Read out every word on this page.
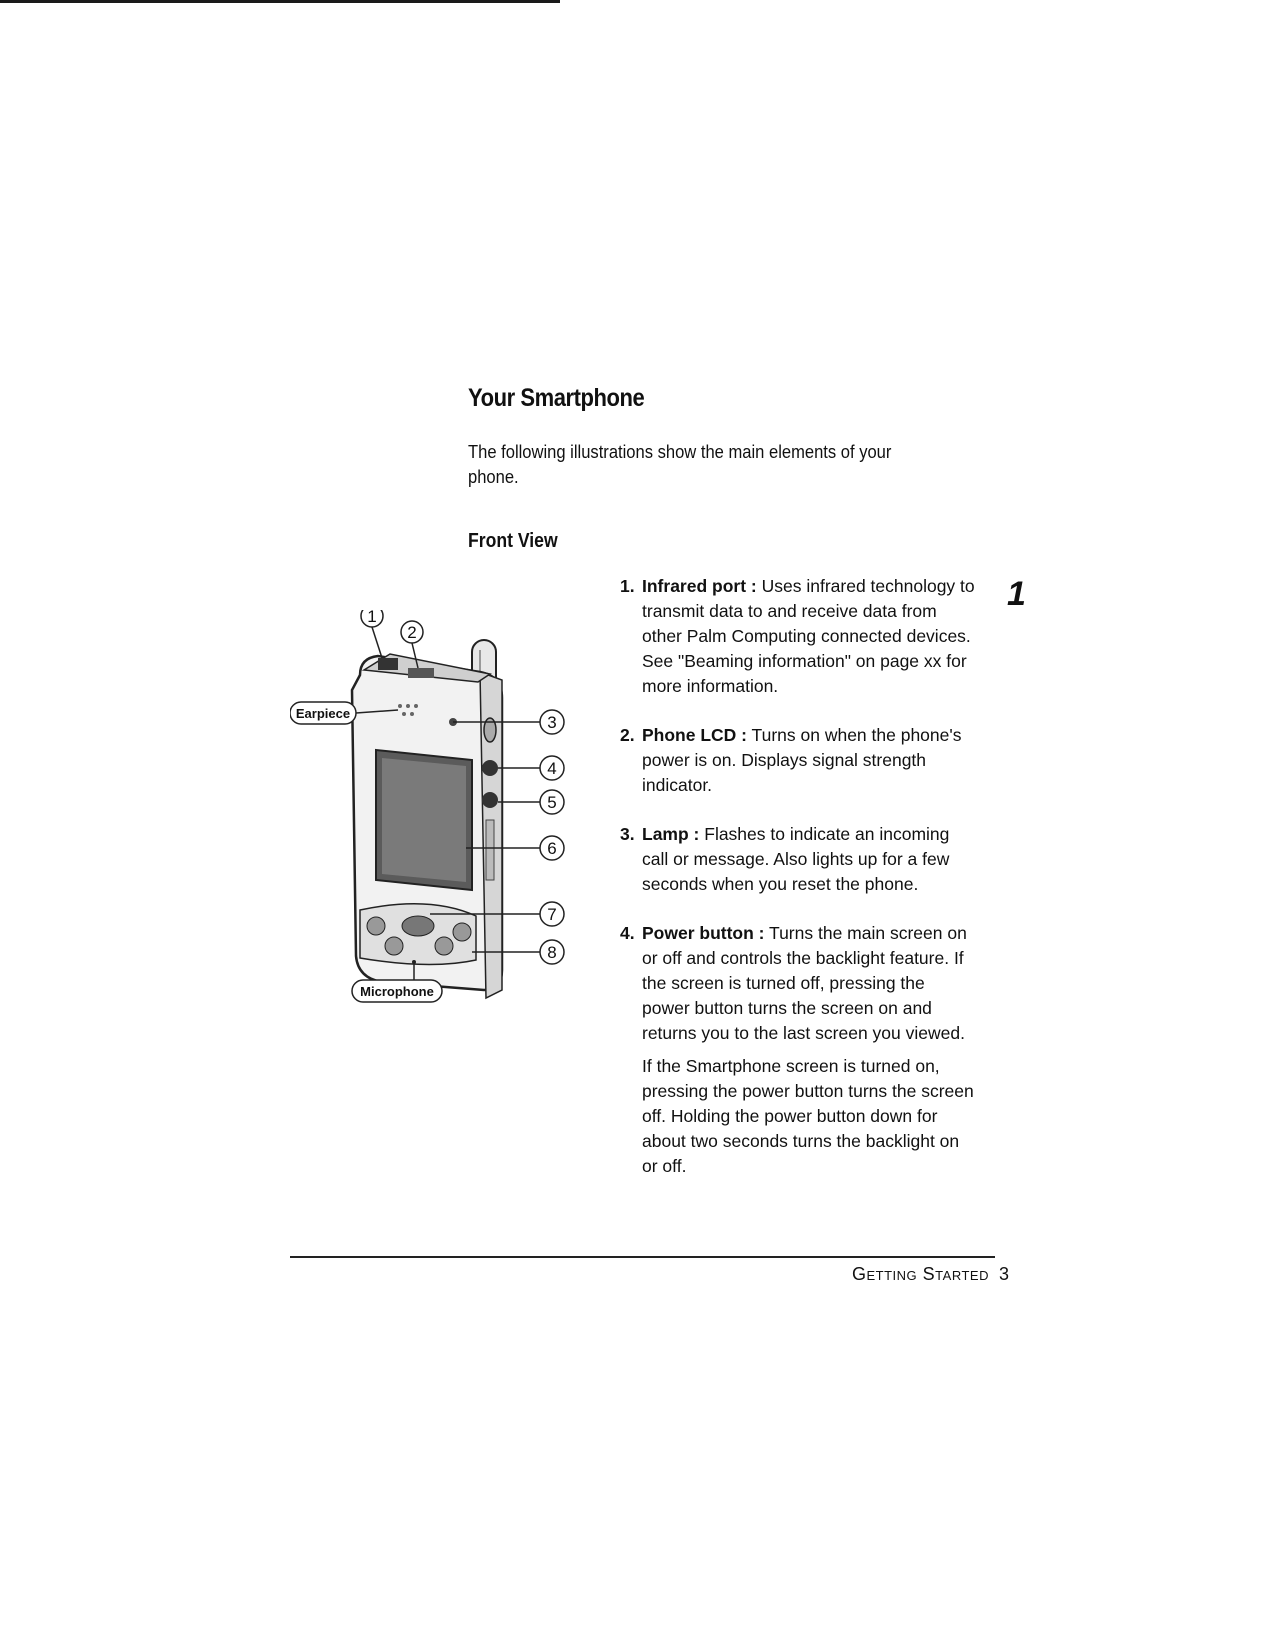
Your Smartphone

The following illustrations show the main elements of your phone.

Front View
1
Earpiece
Microphone
1
2
3
4
5
6
7
8
1. Infrared port : Uses infrared technology to transmit data to and receive data from other Palm Computing connected devices. See "Beaming information" on page xx for more information.

2. Phone LCD : Turns on when the phone's power is on. Displays signal strength indicator.

3. Lamp : Flashes to indicate an incoming call or message. Also lights up for a few seconds when you reset the phone.

4. Power button : Turns the main screen on or off and controls the backlight feature. If the screen is turned off, pressing the power button turns the screen on and returns you to the last screen you viewed.

If the Smartphone screen is turned on, pressing the power button turns the screen off. Holding the power button down for about two seconds turns the backlight on or off.

Getting Started 3
